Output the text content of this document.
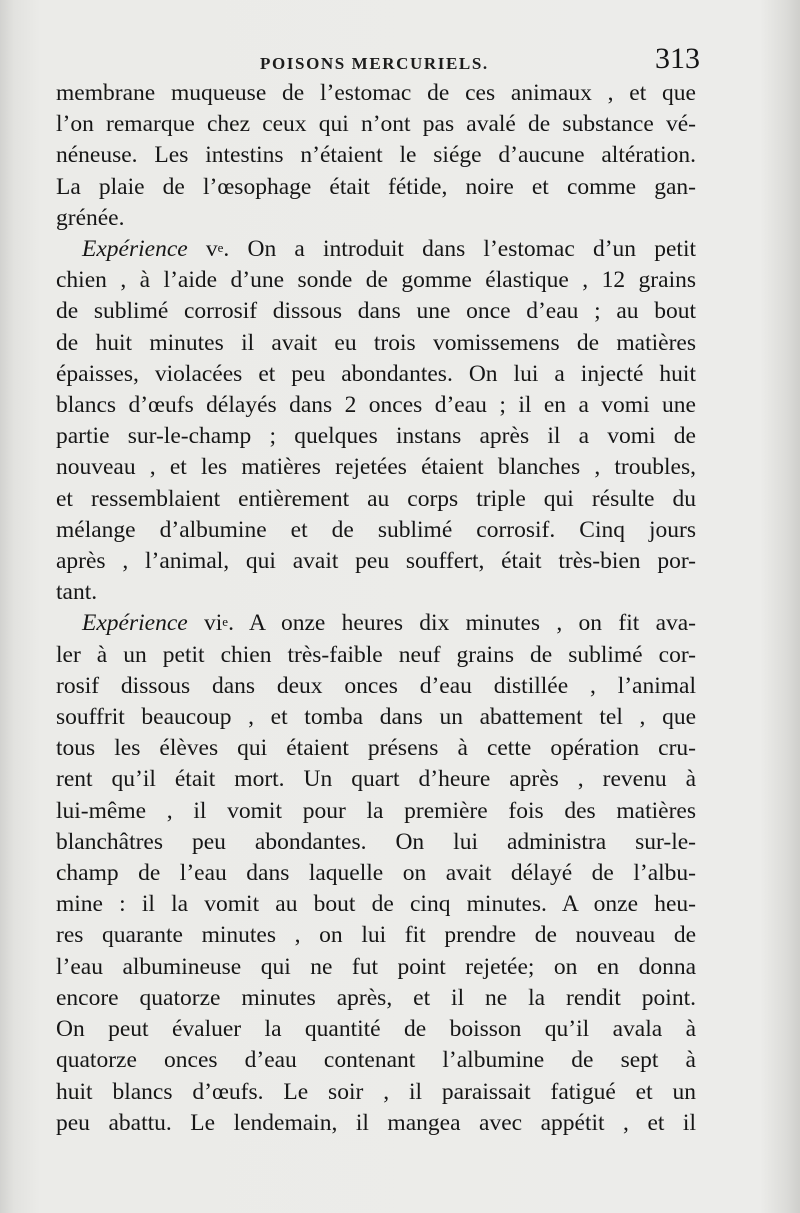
POISONS MERCURIELS.	313
membrane muqueuse de l’estomac de ces animaux , et que
l’on remarque chez ceux qui n’ont pas avalé de substance vé-
néneuse. Les intestins n’étaient le siége d’aucune altération.
La plaie de l’œsophage était fétide, noire et comme gan-
grénée.
Expérience $v^e$. On a introduit dans l’estomac d’un petit
chien , à l’aide d’une sonde de gomme élastique , 12 grains
de sublimé corrosif dissous dans une once d’eau ; au bout
de huit minutes il avait eu trois vomissemens de matières
épaisses, violacées et peu abondantes. On lui a injecté huit
blancs d’œufs délayés dans 2 onces d’eau ; il en a vomi une
partie sur-le-champ ; quelques instans après il a vomi de
nouveau , et les matières rejetées étaient blanches , troubles,
et ressemblaient entièrement au corps triple qui résulte du
mélange d’albumine et de sublimé corrosif. Cinq jours
après , l’animal, qui avait peu souffert, était très-bien por-
tant.
Expérience $vi^e$. A onze heures dix minutes , on fit ava-
ler à un petit chien très-faible neuf grains de sublimé cor-
rosif dissous dans deux onces d’eau distillée , l’animal
souffrit beaucoup , et tomba dans un abattement tel , que
tous les élèves qui étaient présens à cette opération cru-
rent qu’il était mort. Un quart d’heure après , revenu à
lui-même , il vomit pour la première fois des matières
blanchâtres peu abondantes. On lui administra sur-le-
champ de l’eau dans laquelle on avait délayé de l’albu-
mine : il la vomit au bout de cinq minutes. A onze heu-
res quarante minutes , on lui fit prendre de nouveau de
l’eau albumineuse qui ne fut point rejetée; on en donna
encore quatorze minutes après, et il ne la rendit point.
On peut évaluer la quantité de boisson qu’il avala à
quatorze onces d’eau contenant l’albumine de sept à
huit blancs d’œufs. Le soir , il paraissait fatigué et un
peu abattu. Le lendemain, il mangea avec appétit , et il
